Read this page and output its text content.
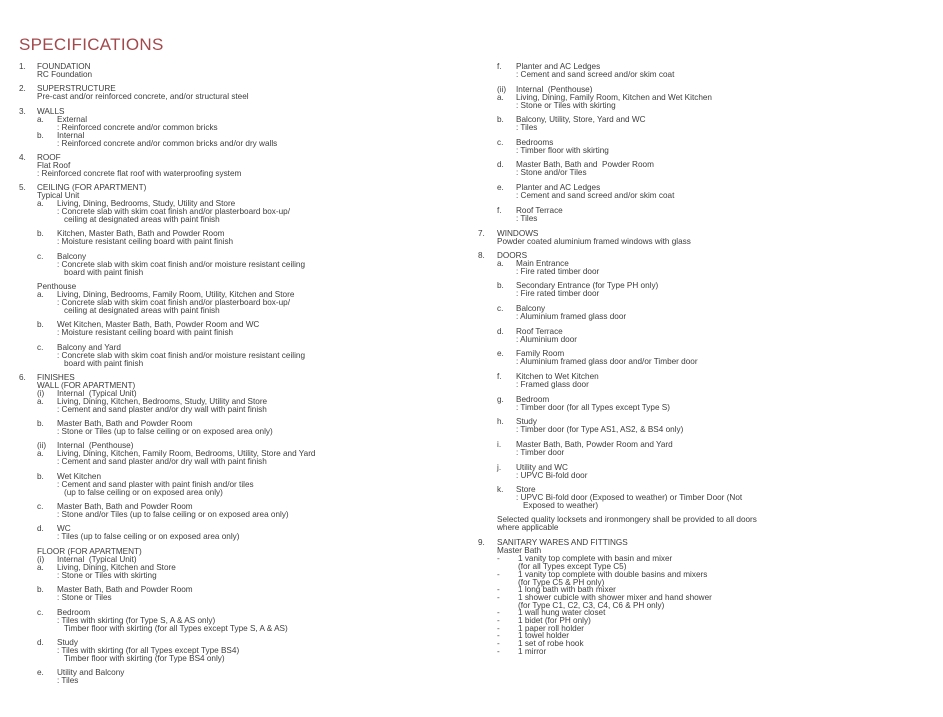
SPECIFICATIONS
1. FOUNDATION
RC Foundation
2. SUPERSTRUCTURE
Pre-cast and/or reinforced concrete, and/or structural steel
3. WALLS
a. External
: Reinforced concrete and/or common bricks
b. Internal
: Reinforced concrete and/or common bricks and/or dry walls
4. ROOF
Flat Roof
: Reinforced concrete flat roof with waterproofing system
5. CEILING (FOR APARTMENT)
Typical Unit
a. Living, Dining, Bedrooms, Study, Utility and Store
: Concrete slab with skim coat finish and/or plasterboard box-up/
ceiling at designated areas with paint finish
b. Kitchen, Master Bath, Bath and Powder Room
: Moisture resistant ceiling board with paint finish
c. Balcony
: Concrete slab with skim coat finish and/or moisture resistant ceiling
board with paint finish
Penthouse
a. Living, Dining, Bedrooms, Family Room, Utility, Kitchen and Store
: Concrete slab with skim coat finish and/or plasterboard box-up/
ceiling at designated areas with paint finish
b. Wet Kitchen, Master Bath, Bath, Powder Room and WC
: Moisture resistant ceiling board with paint finish
c. Balcony and Yard
: Concrete slab with skim coat finish and/or moisture resistant ceiling
board with paint finish
6. FINISHES
WALL (FOR APARTMENT)
(i) Internal  (Typical Unit)
a. Living, Dining, Kitchen, Bedrooms, Study, Utility and Store
: Cement and sand plaster and/or dry wall with paint finish
b. Master Bath, Bath and Powder Room
: Stone or Tiles (up to false ceiling or on exposed area only)
(ii) Internal  (Penthouse)
a. Living, Dining, Kitchen, Family Room, Bedrooms, Utility, Store and Yard
: Cement and sand plaster and/or dry wall with paint finish
b. Wet Kitchen
: Cement and sand plaster with paint finish and/or tiles
(up to false ceiling or on exposed area only)
c. Master Bath, Bath and Powder Room
: Stone and/or Tiles (up to false ceiling or on exposed area only)
d. WC
: Tiles (up to false ceiling or on exposed area only)
FLOOR (FOR APARTMENT)
(i) Internal  (Typical Unit)
a. Living, Dining, Kitchen and Store
: Stone or Tiles with skirting
b. Master Bath, Bath and Powder Room
: Stone or Tiles
c. Bedroom
: Tiles with skirting (for Type S, A & AS only)
Timber floor with skirting (for all Types except Type S, A & AS)
d. Study
: Tiles with skirting (for all Types except Type BS4)
Timber floor with skirting (for Type BS4 only)
e. Utility and Balcony
: Tiles
f. Planter and AC Ledges
: Cement and sand screed and/or skim coat
(ii) Internal  (Penthouse)
a. Living, Dining, Family Room, Kitchen and Wet Kitchen
: Stone or Tiles with skirting
b. Balcony, Utility, Store, Yard and WC
: Tiles
c. Bedrooms
: Timber floor with skirting
d. Master Bath, Bath and  Powder Room
: Stone and/or Tiles
e. Planter and AC Ledges
: Cement and sand screed and/or skim coat
f. Roof Terrace
: Tiles
7. WINDOWS
Powder coated aluminium framed windows with glass
8. DOORS
a. Main Entrance
: Fire rated timber door
b. Secondary Entrance (for Type PH only)
: Fire rated timber door
c. Balcony
: Aluminium framed glass door
d. Roof Terrace
: Aluminium door
e. Family Room
: Aluminium framed glass door and/or Timber door
f. Kitchen to Wet Kitchen
: Framed glass door
g. Bedroom
: Timber door (for all Types except Type S)
h. Study
: Timber door (for Type AS1, AS2, & BS4 only)
i. Master Bath, Bath, Powder Room and Yard
: Timber door
j. Utility and WC
: UPVC Bi-fold door
k. Store
: UPVC Bi-fold door (Exposed to weather) or Timber Door (Not
Exposed to weather)
Selected quality locksets and ironmongery shall be provided to all doors
where applicable
9. SANITARY WARES AND FITTINGS
Master Bath
- 1 vanity top complete with basin and mixer
(for all Types except Type C5)
- 1 vanity top complete with double basins and mixers
(for Type C5 & PH only)
- 1 long bath with bath mixer
- 1 shower cubicle with shower mixer and hand shower
(for Type C1, C2, C3, C4, C6 & PH only)
- 1 wall hung water closet
- 1 bidet (for PH only)
- 1 paper roll holder
- 1 towel holder
- 1 set of robe hook
- 1 mirror
